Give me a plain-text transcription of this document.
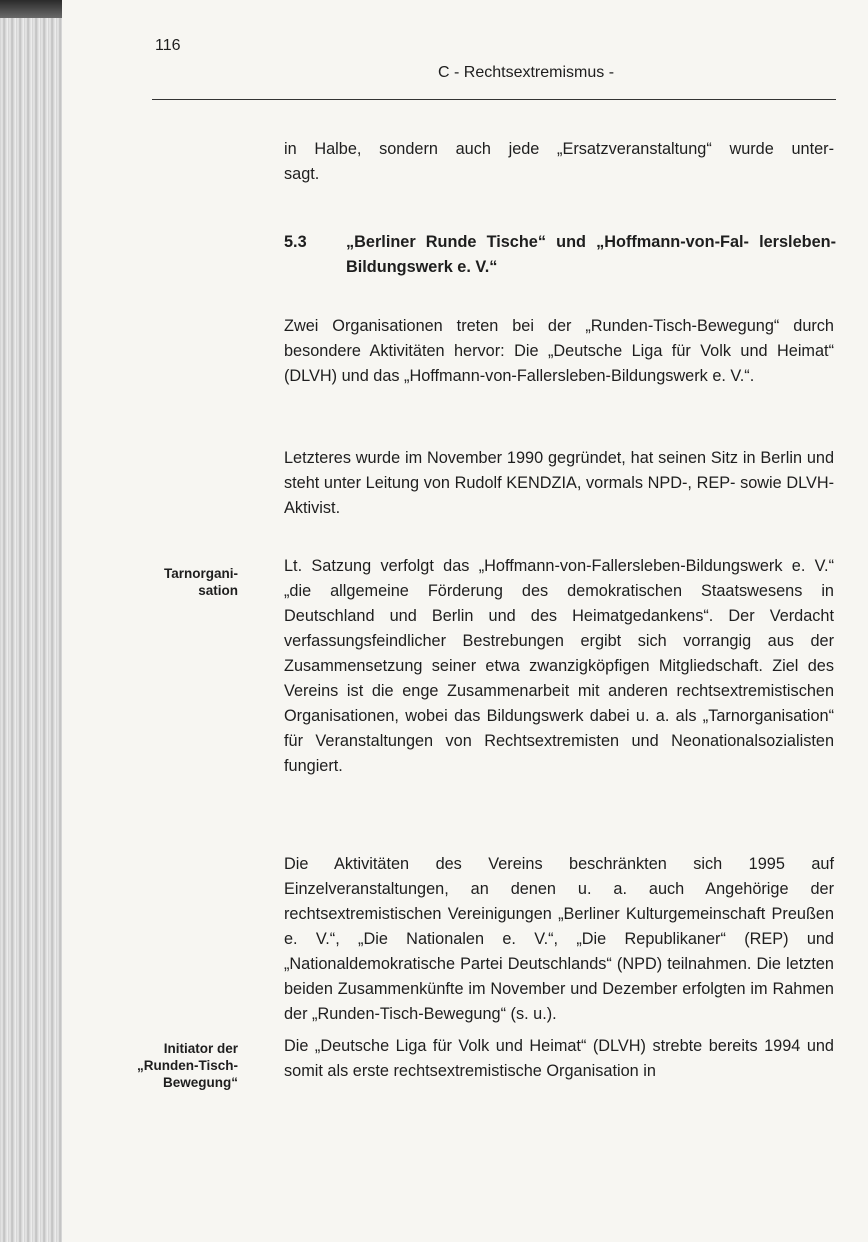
116
C - Rechtsextremismus -
in Halbe, sondern auch jede „Ersatzveranstaltung“ wurde unter-
sagt.
5.3 „Berliner Runde Tische“ und „Hoffmann-von-Fal- lersleben-Bildungswerk e. V.“

Zwei Organisationen treten bei der „Runden-Tisch-Bewegung“ durch besondere Aktivitäten hervor: Die „Deutsche Liga für Volk und Heimat“ (DLVH) und das „Hoffmann-von-Fallersleben-Bildungswerk e. V.“.

Letzteres wurde im November 1990 gegründet, hat seinen Sitz in Berlin und steht unter Leitung von Rudolf KENDZIA, vormals NPD-, REP- sowie DLVH-Aktivist.

Tarnorgani-
sation

Lt. Satzung verfolgt das „Hoffmann-von-Fallersleben-Bildungswerk e. V.“ „die allgemeine Förderung des demokratischen Staatswesens in Deutschland und Berlin und des Heimatgedankens“. Der Verdacht verfassungsfeindlicher Bestrebungen ergibt sich vorrangig aus der Zusammensetzung seiner etwa zwanzigköpfigen Mitgliedschaft. Ziel des Vereins ist die enge Zusammenarbeit mit anderen rechtsextremistischen Organisationen, wobei das Bildungswerk dabei u. a. als „Tarnorganisation“ für Veranstaltungen von Rechtsextremisten und Neonationalsozialisten fungiert.

Die Aktivitäten des Vereins beschränkten sich 1995 auf Einzelveranstaltungen, an denen u. a. auch Angehörige der rechtsextremistischen Vereinigungen „Berliner Kulturgemeinschaft Preußen e. V.“, „Die Nationalen e. V.“, „Die Republikaner“ (REP) und „Nationaldemokratische Partei Deutschlands“ (NPD) teilnahmen. Die letzten beiden Zusammenkünfte im November und Dezember erfolgten im Rahmen der „Runden-Tisch-Bewegung“ (s. u.).

Initiator der
„Runden-Tisch-
Bewegung“

Die „Deutsche Liga für Volk und Heimat“ (DLVH) strebte bereits 1994 und somit als erste rechtsextremistische Organisation in
